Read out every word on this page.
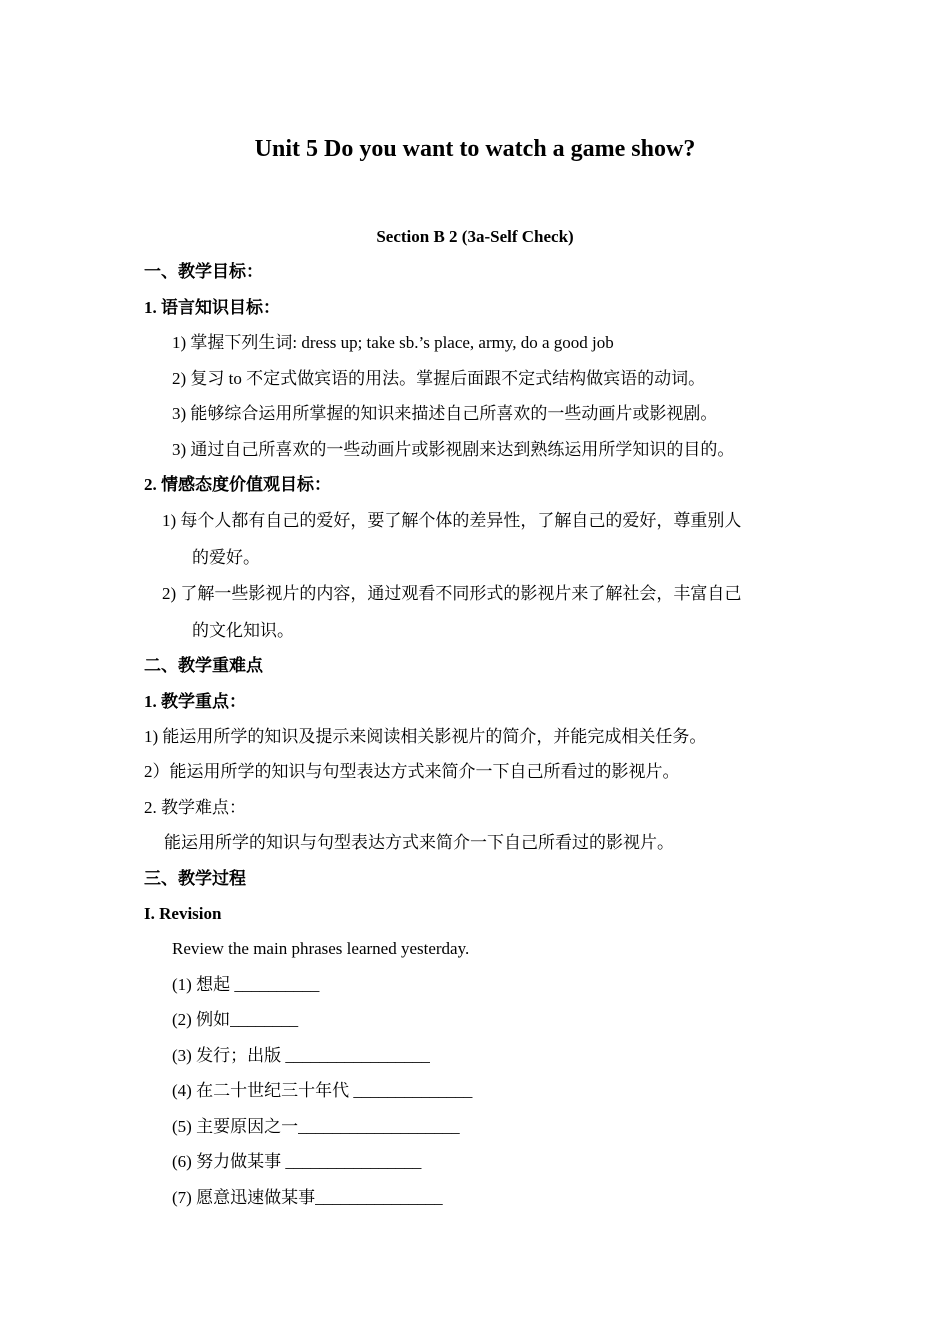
Unit 5 Do you want to watch a game show?
Section B 2 (3a-Self Check)
一、教学目标：
1. 语言知识目标：
1) 掌握下列生词: dress up; take sb.’s place, army, do a good job
2) 复习 to 不定式做宾语的用法。掌握后面跟不定式结构做宾语的动词。
3) 能够综合运用所掌握的知识来描述自己所喜欢的一些动画片或影视剧。
3) 通过自己所喜欢的一些动画片或影视剧来达到熟练运用所学知识的目的。
2. 情感态度价值观目标：
1) 每个人都有自己的爱好，要了解个体的差异性，了解自己的爱好，尊重别人
的爱好。
2) 了解一些影视片的内容，通过观看不同形式的影视片来了解社会，丰富自己
的文化知识。
二、教学重难点
1. 教学重点：
1) 能运用所学的知识及提示来阅读相关影视片的简介，并能完成相关任务。
2）能运用所学的知识与句型表达方式来简介一下自己所看过的影视片。
2. 教学难点：
能运用所学的知识与句型表达方式来简介一下自己所看过的影视片。
三、教学过程
I. Revision
Review the main phrases learned yesterday.
(1) 想起 __________
(2) 例如________
(3) 发行；出版 _________________
(4) 在二十世纪三十年代 ______________
(5) 主要原因之一___________________
(6) 努力做某事 ________________
(7) 愿意迅速做某事_______________
